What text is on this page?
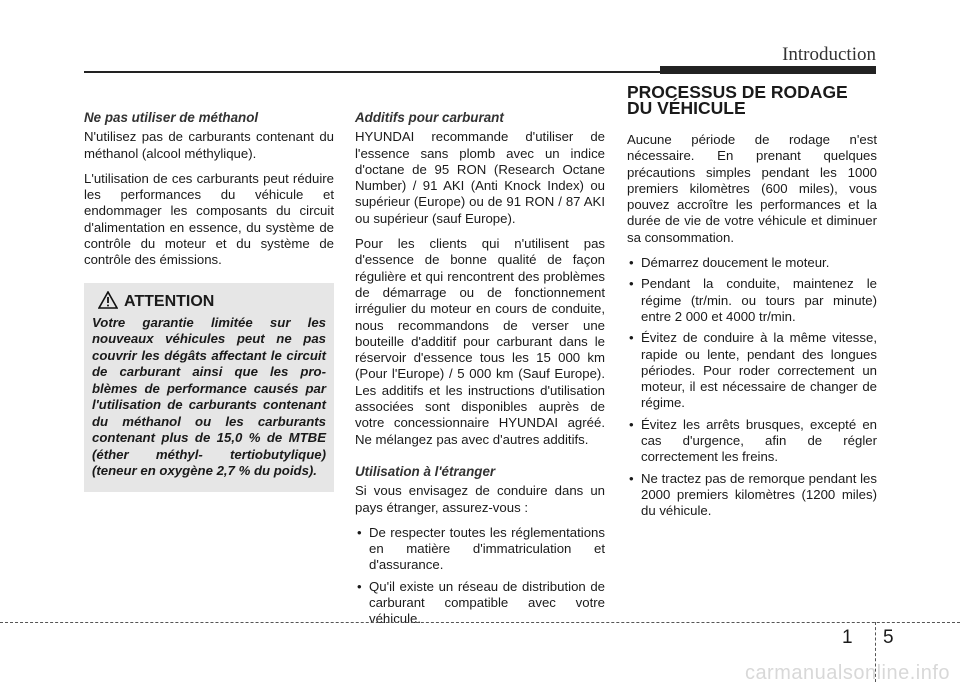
Introduction
Ne pas utiliser de méthanol

N'utilisez pas de carburants contenant du méthanol (alcool méthylique).

L'utilisation de ces carburants peut réduire les performances du véhicule et endommager les composants du circuit d'alimentation en essence, du système de contrôle du moteur et du système de contrôle des émissions.

ATTENTION
Votre garantie limitée sur les nouveaux véhicules peut ne pas couvrir les dégâts affectant le circuit de carburant ainsi que les pro- blèmes de performance causés par l'utilisation de carburants contenant du méthanol ou les carburants contenant plus de 15,0 % de MTBE (éther méthyl- tertiobutylique) (teneur en oxygène 2,7 % du poids).
Additifs pour carburant

HYUNDAI recommande d'utiliser de l'essence sans plomb avec un indice d'octane de 95 RON (Research Octane Number) / 91 AKI (Anti Knock Index) ou supérieur (Europe) ou de 91 RON / 87 AKI ou supérieur (sauf Europe).

Pour les clients qui n'utilisent pas d'essence de bonne qualité de façon régulière et qui rencontrent des problèmes de démarrage ou de fonctionnement irrégulier du moteur en cours de conduite, nous recommandons de verser une bouteille d'additif pour carburant dans le réservoir d'essence tous les 15 000 km (Pour l'Europe) / 5 000 km (Sauf Europe). Les additifs et les instructions d'utilisation associées sont disponibles auprès de votre concessionnaire HYUNDAI agréé. Ne mélangez pas avec d'autres additifs.

Utilisation à l'étranger

Si vous envisagez de conduire dans un pays étranger, assurez-vous :

• De respecter toutes les réglementations en matière d'immatriculation et d'assurance.
• Qu'il existe un réseau de distribution de carburant compatible avec votre véhicule.
PROCESSUS DE RODAGE DU VÉHICULE

Aucune période de rodage n'est nécessaire. En prenant quelques précautions simples pendant les 1000 premiers kilomètres (600 miles), vous pouvez accroître les performances et la durée de vie de votre véhicule et diminuer sa consommation.

• Démarrez doucement le moteur.
• Pendant la conduite, maintenez le régime (tr/min. ou tours par minute) entre 2 000 et 4000 tr/min.
• Évitez de conduire à la même vitesse, rapide ou lente, pendant des longues périodes. Pour roder correctement un moteur, il est nécessaire de changer de régime.
• Évitez les arrêts brusques, excepté en cas d'urgence, afin de régler correctement les freins.
• Ne tractez pas de remorque pendant les 2000 premiers kilomètres (1200 miles) du véhicule.
1 5
carmanualsonline.info
